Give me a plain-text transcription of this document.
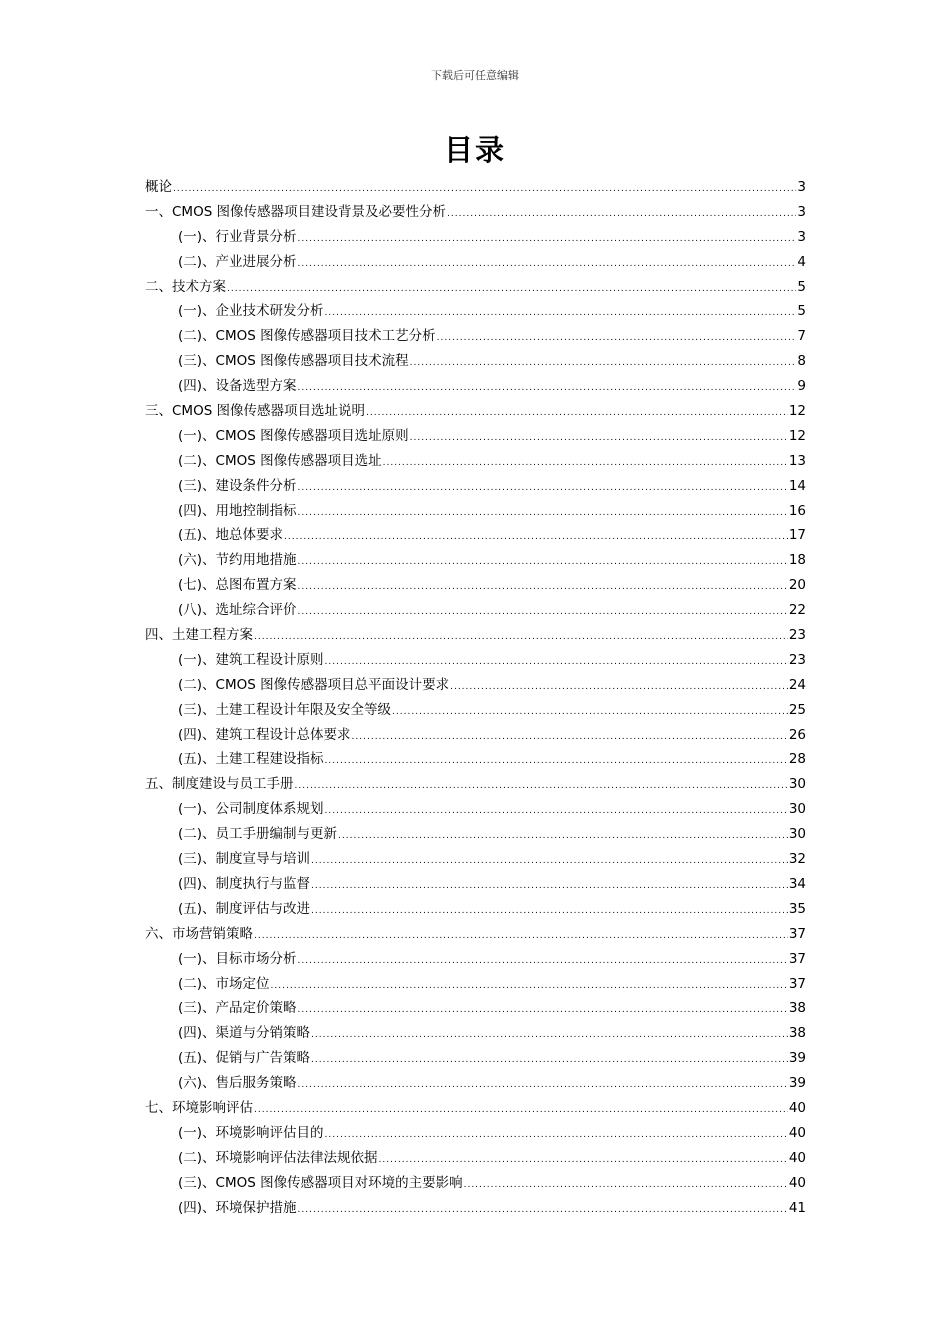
下载后可任意编辑
目录
概论 .....	3
一、CMOS 图像传感器项目建设背景及必要性分析 .....	3
(一)、行业背景分析 .....	3
(二)、产业进展分析 .....	4
二、技术方案 .....	5
(一)、企业技术研发分析 .....	5
(二)、CMOS 图像传感器项目技术工艺分析 .....	7
(三)、CMOS 图像传感器项目技术流程 .....	8
(四)、设备选型方案 .....	9
三、CMOS 图像传感器项目选址说明 .....	12
(一)、CMOS 图像传感器项目选址原则 .....	12
(二)、CMOS 图像传感器项目选址 .....	13
(三)、建设条件分析 .....	14
(四)、用地控制指标 .....	16
(五)、地总体要求 .....	17
(六)、节约用地措施 .....	18
(七)、总图布置方案 .....	20
(八)、选址综合评价 .....	22
四、土建工程方案 .....	23
(一)、建筑工程设计原则 .....	23
(二)、CMOS 图像传感器项目总平面设计要求 .....	24
(三)、土建工程设计年限及安全等级 .....	25
(四)、建筑工程设计总体要求 .....	26
(五)、土建工程建设指标 .....	28
五、制度建设与员工手册 .....	30
(一)、公司制度体系规划 .....	30
(二)、员工手册编制与更新 .....	30
(三)、制度宣导与培训 .....	32
(四)、制度执行与监督 .....	34
(五)、制度评估与改进 .....	35
六、市场营销策略 .....	37
(一)、目标市场分析 .....	37
(二)、市场定位 .....	37
(三)、产品定价策略 .....	38
(四)、渠道与分销策略 .....	38
(五)、促销与广告策略 .....	39
(六)、售后服务策略 .....	39
七、环境影响评估 .....	40
(一)、环境影响评估目的 .....	40
(二)、环境影响评估法律法规依据 .....	40
(三)、CMOS 图像传感器项目对环境的主要影响 .....	40
(四)、环境保护措施 .....	41
